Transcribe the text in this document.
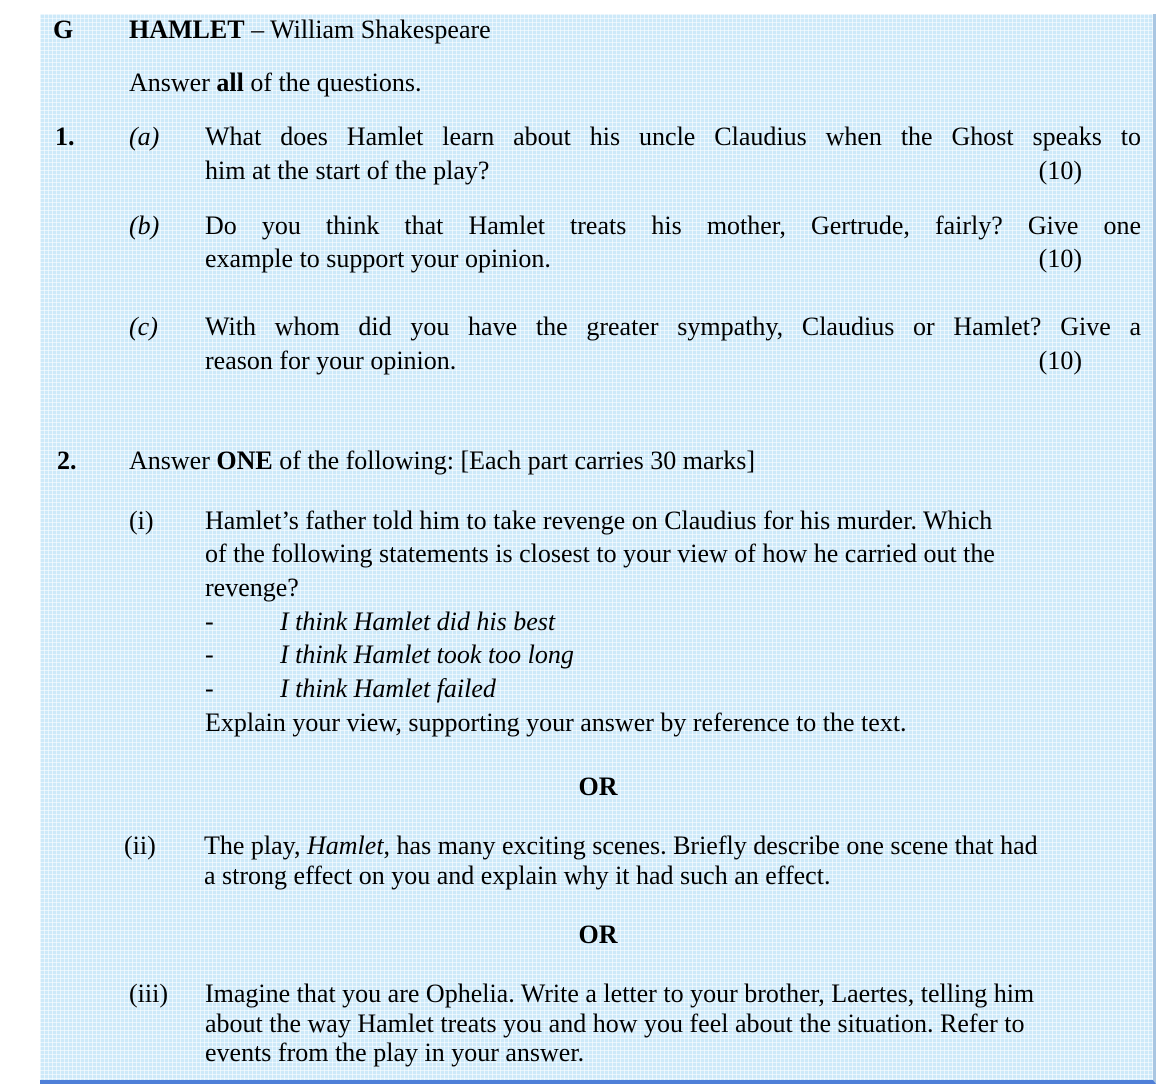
G HAMLET – William Shakespeare
Answer all of the questions.
1. (a) What does Hamlet learn about his uncle Claudius when the Ghost speaks to
him at the start of the play?	(10)
(b) Do you think that Hamlet treats his mother, Gertrude, fairly? Give one
example to support your opinion.	(10)
(c) With whom did you have the greater sympathy, Claudius or Hamlet? Give a
reason for your opinion.	(10)
2. Answer ONE of the following: [Each part carries 30 marks]
(i) Hamlet’s father told him to take revenge on Claudius for his murder. Which
of the following statements is closest to your view of how he carried out the
revenge?
-	I think Hamlet did his best
-	I think Hamlet took too long
-	I think Hamlet failed
Explain your view, supporting your answer by reference to the text.
OR
(ii) The play, Hamlet, has many exciting scenes. Briefly describe one scene that had
a strong effect on you and explain why it had such an effect.
OR
(iii) Imagine that you are Ophelia. Write a letter to your brother, Laertes, telling him
about the way Hamlet treats you and how you feel about the situation. Refer to
events from the play in your answer.
